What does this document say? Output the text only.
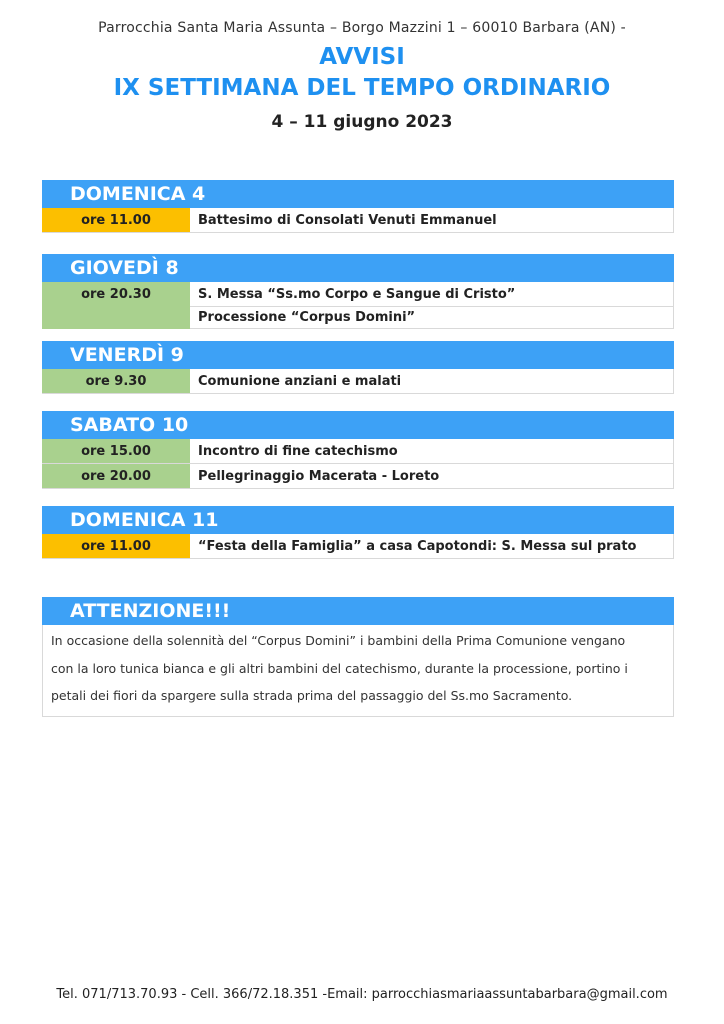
Parrocchia Santa Maria Assunta – Borgo Mazzini 1 – 60010 Barbara (AN) -
AVVISI
IX SETTIMANA DEL TEMPO ORDINARIO
4 – 11 giugno 2023
DOMENICA 4
ore 11.00	Battesimo di Consolati Venuti Emmanuel
GIOVEDÌ 8
ore 20.30	S. Messa “Ss.mo Corpo e Sangue di Cristo”
Processione “Corpus Domini”
VENERDÌ 9
ore 9.30	Comunione anziani e malati
SABATO 10
ore 15.00	Incontro di fine catechismo
ore 20.00	Pellegrinaggio Macerata - Loreto
DOMENICA 11
ore 11.00	“Festa della Famiglia” a casa Capotondi: S. Messa sul prato
ATTENZIONE!!!
In occasione della solennità del “Corpus Domini” i bambini della Prima Comunione vengano
con la loro tunica bianca e gli altri bambini del catechismo, durante la processione, portino i
petali dei fiori da spargere sulla strada prima del passaggio del Ss.mo Sacramento.
Tel. 071/713.70.93 - Cell. 366/72.18.351 -Email: parrocchiasmariaassuntabarbara@gmail.com
